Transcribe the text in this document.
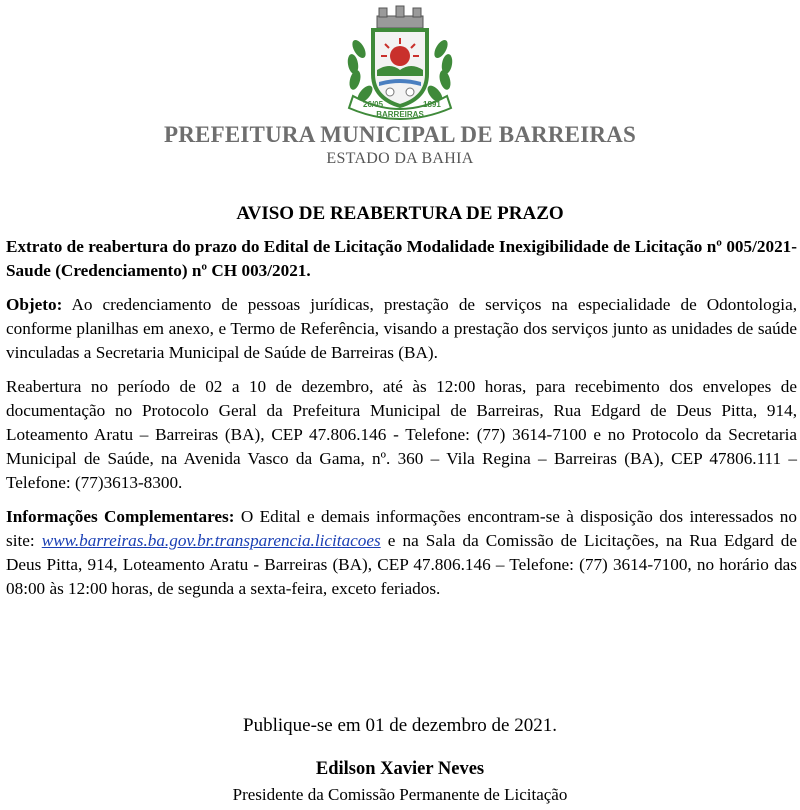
26/05	1891
BARREIRAS
PREFEITURA MUNICIPAL DE BARREIRAS
ESTADO DA BAHIA
AVISO DE REABERTURA DE PRAZO

Extrato de reabertura do prazo do Edital de Licitação Modalidade Inexigibilidade de Licitação nº 005/2021-Saude (Credenciamento) nº CH 003/2021.

Objeto: Ao credenciamento de pessoas jurídicas, prestação de serviços na especialidade de Odontologia, conforme planilhas em anexo, e Termo de Referência, visando a prestação dos serviços junto as unidades de saúde vinculadas a Secretaria Municipal de Saúde de Barreiras (BA).

Reabertura no período de 02 a 10 de dezembro, até às 12:00 horas, para recebimento dos envelopes de documentação no Protocolo Geral da Prefeitura Municipal de Barreiras, Rua Edgard de Deus Pitta, 914, Loteamento Aratu – Barreiras (BA), CEP 47.806.146 - Telefone: (77) 3614-7100 e no Protocolo da Secretaria Municipal de Saúde, na Avenida Vasco da Gama, nº. 360 – Vila Regina – Barreiras (BA), CEP 47806.111 – Telefone: (77)3613-8300.

Informações Complementares: O Edital e demais informações encontram-se à disposição dos interessados no site: www.barreiras.ba.gov.br.transparencia.licitacoes e na Sala da Comissão de Licitações, na Rua Edgard de Deus Pitta, 914, Loteamento Aratu - Barreiras (BA), CEP 47.806.146 – Telefone: (77) 3614-7100, no horário das 08:00 às 12:00 horas, de segunda a sexta-feira, exceto feriados.

Publique-se em 01 de dezembro de 2021.
Edilson Xavier Neves
Presidente da Comissão Permanente de Licitação
